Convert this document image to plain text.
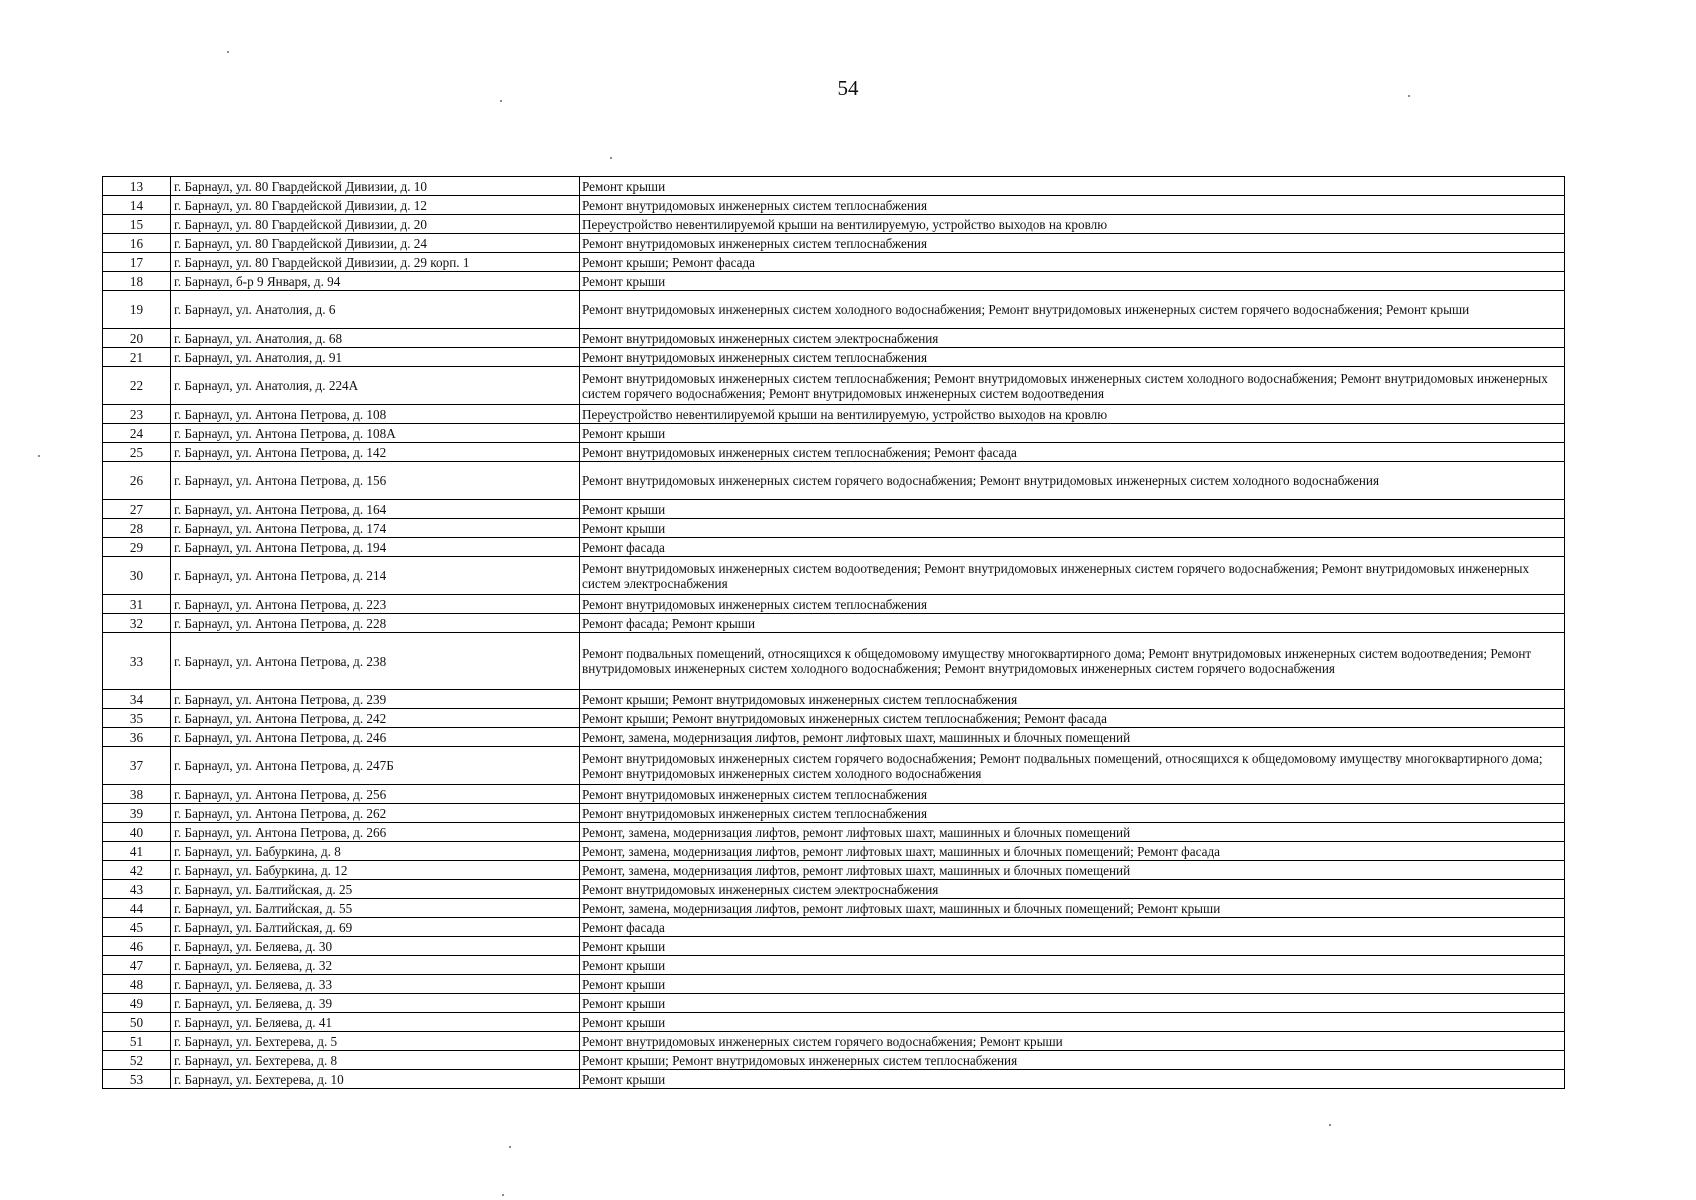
54
13	г. Барнаул, ул. 80 Гвардейской Дивизии, д. 10	Ремонт крыши
14	г. Барнаул, ул. 80 Гвардейской Дивизии, д. 12	Ремонт внутридомовых инженерных систем теплоснабжения
15	г. Барнаул, ул. 80 Гвардейской Дивизии, д. 20	Переустройство невентилируемой крыши на вентилируемую, устройство выходов на кровлю
16	г. Барнаул, ул. 80 Гвардейской Дивизии, д. 24	Ремонт внутридомовых инженерных систем теплоснабжения
17	г. Барнаул, ул. 80 Гвардейской Дивизии, д. 29 корп. 1	Ремонт крыши; Ремонт фасада
18	г. Барнаул, б-р 9 Января, д. 94	Ремонт крыши
19	г. Барнаул, ул. Анатолия, д. 6	Ремонт внутридомовых инженерных систем холодного водоснабжения; Ремонт внутридомовых инженерных систем горячего водоснабжения; Ремонт крыши
20	г. Барнаул, ул. Анатолия, д. 68	Ремонт внутридомовых инженерных систем электроснабжения
21	г. Барнаул, ул. Анатолия, д. 91	Ремонт внутридомовых инженерных систем теплоснабжения
22	г. Барнаул, ул. Анатолия, д. 224А	Ремонт внутридомовых инженерных систем теплоснабжения; Ремонт внутридомовых инженерных систем холодного водоснабжения; Ремонт внутридомовых инженерных систем горячего водоснабжения; Ремонт внутридомовых инженерных систем водоотведения
23	г. Барнаул, ул. Антона Петрова, д. 108	Переустройство невентилируемой крыши на вентилируемую, устройство выходов на кровлю
24	г. Барнаул, ул. Антона Петрова, д. 108А	Ремонт крыши
25	г. Барнаул, ул. Антона Петрова, д. 142	Ремонт внутридомовых инженерных систем теплоснабжения; Ремонт фасада
26	г. Барнаул, ул. Антона Петрова, д. 156	Ремонт внутридомовых инженерных систем горячего водоснабжения; Ремонт внутридомовых инженерных систем холодного водоснабжения
27	г. Барнаул, ул. Антона Петрова, д. 164	Ремонт крыши
28	г. Барнаул, ул. Антона Петрова, д. 174	Ремонт крыши
29	г. Барнаул, ул. Антона Петрова, д. 194	Ремонт фасада
30	г. Барнаул, ул. Антона Петрова, д. 214	Ремонт внутридомовых инженерных систем водоотведения; Ремонт внутридомовых инженерных систем горячего водоснабжения; Ремонт внутридомовых инженерных систем электроснабжения
31	г. Барнаул, ул. Антона Петрова, д. 223	Ремонт внутридомовых инженерных систем теплоснабжения
32	г. Барнаул, ул. Антона Петрова, д. 228	Ремонт фасада; Ремонт крыши
33	г. Барнаул, ул. Антона Петрова, д. 238	Ремонт подвальных помещений, относящихся к общедомовому имуществу многоквартирного дома; Ремонт внутридомовых инженерных систем водоотведения; Ремонт внутридомовых инженерных систем холодного водоснабжения; Ремонт внутридомовых инженерных систем горячего водоснабжения
34	г. Барнаул, ул. Антона Петрова, д. 239	Ремонт крыши; Ремонт внутридомовых инженерных систем теплоснабжения
35	г. Барнаул, ул. Антона Петрова, д. 242	Ремонт крыши; Ремонт внутридомовых инженерных систем теплоснабжения; Ремонт фасада
36	г. Барнаул, ул. Антона Петрова, д. 246	Ремонт, замена, модернизация лифтов, ремонт лифтовых шахт, машинных и блочных помещений
37	г. Барнаул, ул. Антона Петрова, д. 247Б	Ремонт внутридомовых инженерных систем горячего водоснабжения; Ремонт подвальных помещений, относящихся к общедомовому имуществу многоквартирного дома; Ремонт внутридомовых инженерных систем холодного водоснабжения
38	г. Барнаул, ул. Антона Петрова, д. 256	Ремонт внутридомовых инженерных систем теплоснабжения
39	г. Барнаул, ул. Антона Петрова, д. 262	Ремонт внутридомовых инженерных систем теплоснабжения
40	г. Барнаул, ул. Антона Петрова, д. 266	Ремонт, замена, модернизация лифтов, ремонт лифтовых шахт, машинных и блочных помещений
41	г. Барнаул, ул. Бабуркина, д. 8	Ремонт, замена, модернизация лифтов, ремонт лифтовых шахт, машинных и блочных помещений; Ремонт фасада
42	г. Барнаул, ул. Бабуркина, д. 12	Ремонт, замена, модернизация лифтов, ремонт лифтовых шахт, машинных и блочных помещений
43	г. Барнаул, ул. Балтийская, д. 25	Ремонт внутридомовых инженерных систем электроснабжения
44	г. Барнаул, ул. Балтийская, д. 55	Ремонт, замена, модернизация лифтов, ремонт лифтовых шахт, машинных и блочных помещений; Ремонт крыши
45	г. Барнаул, ул. Балтийская, д. 69	Ремонт фасада
46	г. Барнаул, ул. Беляева, д. 30	Ремонт крыши
47	г. Барнаул, ул. Беляева, д. 32	Ремонт крыши
48	г. Барнаул, ул. Беляева, д. 33	Ремонт крыши
49	г. Барнаул, ул. Беляева, д. 39	Ремонт крыши
50	г. Барнаул, ул. Беляева, д. 41	Ремонт крыши
51	г. Барнаул, ул. Бехтерева, д. 5	Ремонт внутридомовых инженерных систем горячего водоснабжения; Ремонт крыши
52	г. Барнаул, ул. Бехтерева, д. 8	Ремонт крыши; Ремонт внутридомовых инженерных систем теплоснабжения
53	г. Барнаул, ул. Бехтерева, д. 10	Ремонт крыши
